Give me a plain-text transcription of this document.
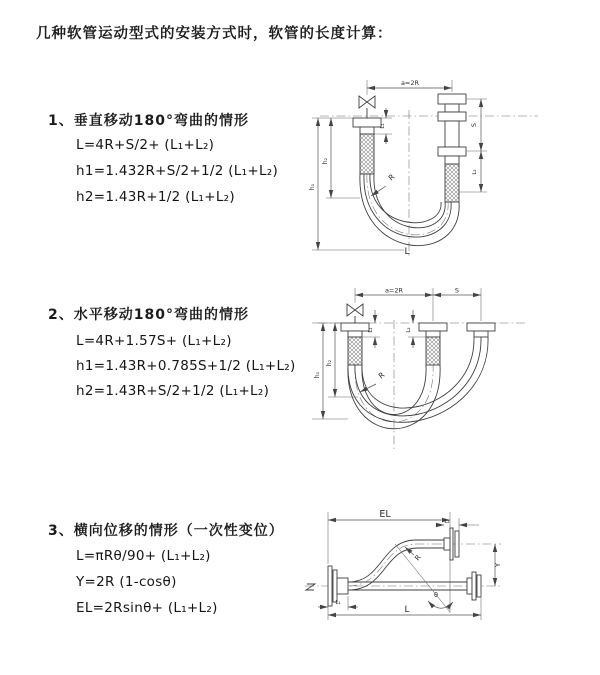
几种软管运动型式的安装方式时，软管的长度计算：
1、垂直移动180°弯曲的情形
L=4R+S/2+ (L₁+L₂)
h1=1.432R+S/2+1/2 (L₁+L₂)
h2=1.43R+1/2 (L₁+L₂)
2、水平移动180°弯曲的情形
L=4R+1.57S+ (L₁+L₂)
h1=1.43R+0.785S+1/2 (L₁+L₂)
h2=1.43R+S/2+1/2 (L₁+L₂)
3、横向位移的情形（一次性变位）
L=πRθ/90+ (L₁+L₂)
Y=2R (1-cosθ)
EL=2Rsinθ+ (L₁+L₂)
a=2R
h₁
h₂
L₁	S
L₂
R
L
a=2R	S
h₁
h₂
L₁	L₂
R
EL
L₂
Y
R
θ
L₁
L
